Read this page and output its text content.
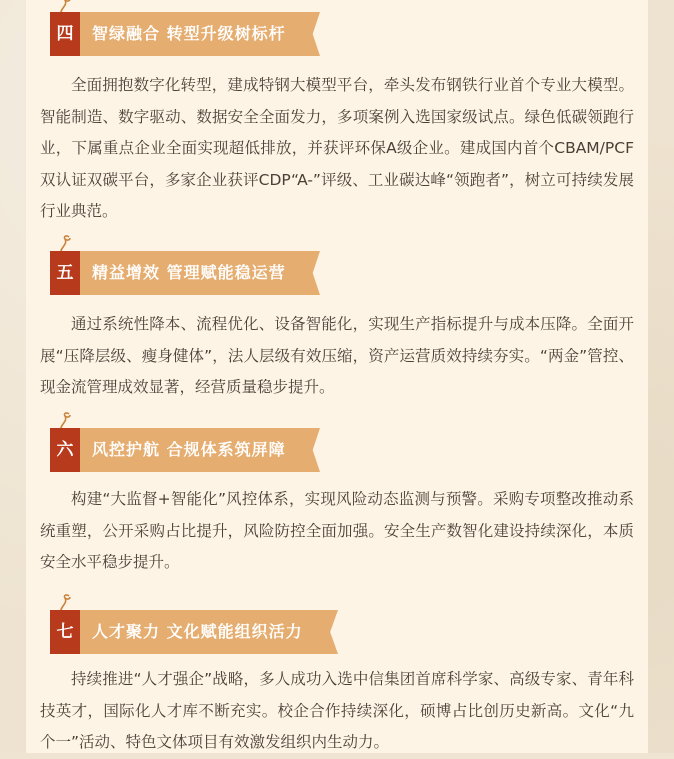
四	智绿融合 转型升级树标杆
全面拥抱数字化转型，建成特钢大模型平台，牵头发布钢铁行业首个专业大模型。智能制造、数字驱动、数据安全全面发力，多项案例入选国家级试点。绿色低碳领跑行业，下属重点企业全面实现超低排放，并获评环保A级企业。建成国内首个CBAM/PCF双认证双碳平台，多家企业获评CDP“A-”评级、工业碳达峰“领跑者”，树立可持续发展行业典范。
五	精益增效 管理赋能稳运营
通过系统性降本、流程优化、设备智能化，实现生产指标提升与成本压降。全面开展“压降层级、瘦身健体”，法人层级有效压缩，资产运营质效持续夯实。“两金”管控、现金流管理成效显著，经营质量稳步提升。
六	风控护航 合规体系筑屏障
构建“大监督+智能化”风控体系，实现风险动态监测与预警。采购专项整改推动系统重塑，公开采购占比提升，风险防控全面加强。安全生产数智化建设持续深化，本质安全水平稳步提升。
七	人才聚力 文化赋能组织活力
持续推进“人才强企”战略，多人成功入选中信集团首席科学家、高级专家、青年科技英才，国际化人才库不断充实。校企合作持续深化，硕博占比创历史新高。文化“九个一”活动、特色文体项目有效激发组织内生动力。
